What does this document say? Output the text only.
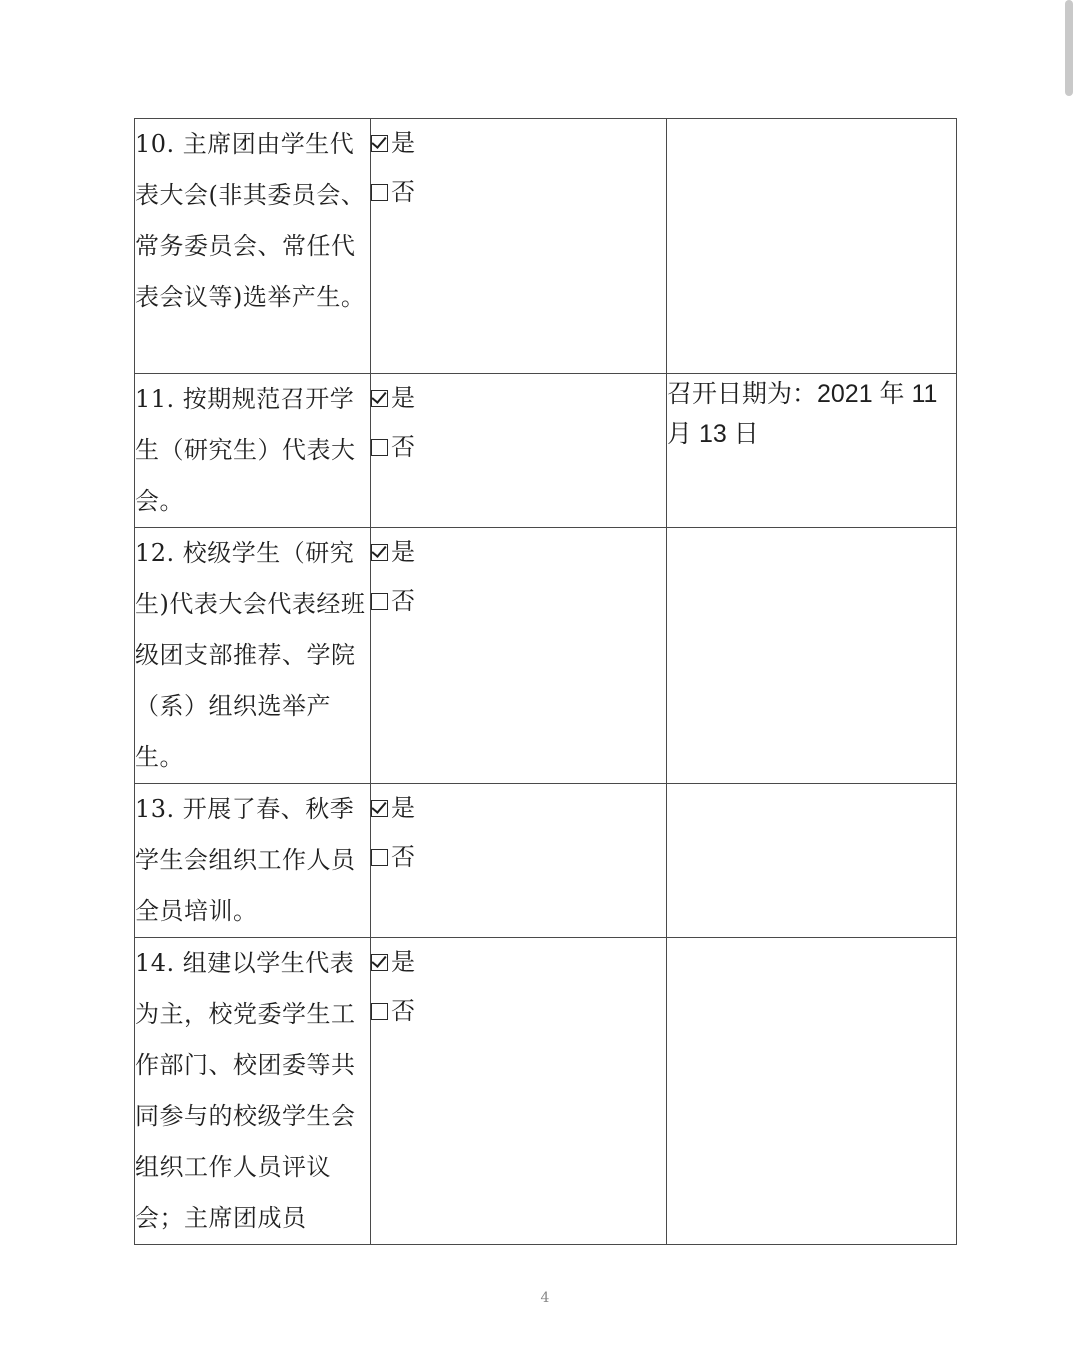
10. 主席团由学生代表大会(非其委员会、常务委员会、常任代表会议等)选举产生。	是
否	

11. 按期规范召开学生（研究生）代表大会。	是
否	召开日期为：2021 年 11 月 13 日

12. 校级学生（研究生)代表大会代表经班级团支部推荐、学院（系）组织选举产生。	是
否	

13. 开展了春、秋季学生会组织工作人员全员培训。	是
否	

14. 组建以学生代表为主，校党委学生工作部门、校团委等共同参与的校级学生会组织工作人员评议会；主席团成员	是
否	

4
